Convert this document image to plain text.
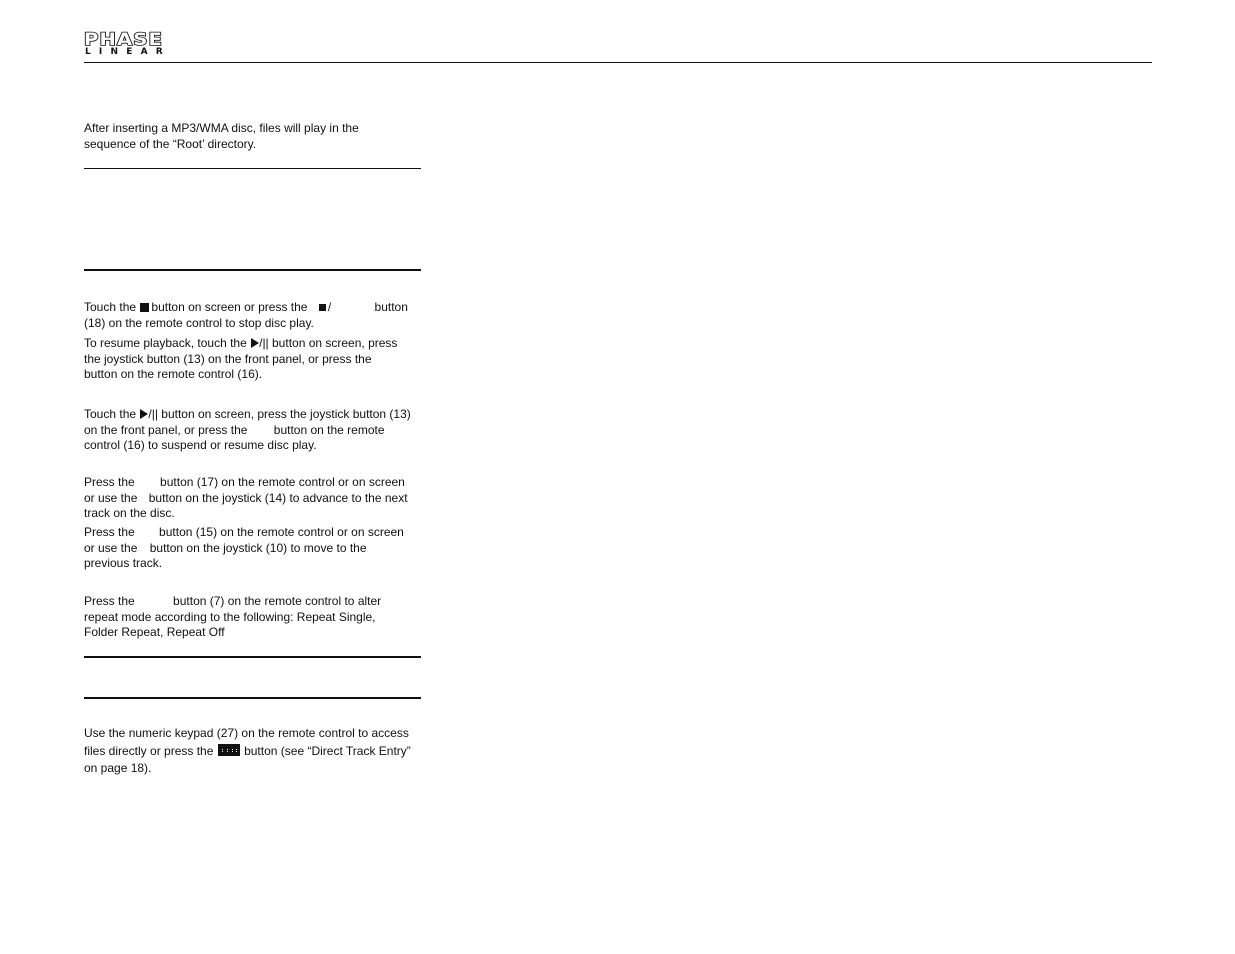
PHASE
LINEAR
After inserting a MP3/WMA disc, files will play in the
sequence of the “Root’ directory.
Touch the button on screen or press the /	button
(18) on the remote control to stop disc play.
To resume playback, touch the /|| button on screen, press
the joystick button (13) on the front panel, or press the
button on the remote control (16).
Touch the /|| button on screen, press the joystick button (13)
on the front panel, or press the button on the remote
control (16) to suspend or resume disc play.
Press the button (17) on the remote control or on screen
or use the button on the joystick (14) to advance to the next
track on the disc.
Press the button (15) on the remote control or on screen
or use the button on the joystick (10) to move to the
previous track.
Press the	button (7) on the remote control to alter
repeat mode according to the following: Repeat Single,
Folder Repeat, Repeat Off
Use the numeric keypad (27) on the remote control to access
files directly or press the	button (see “Direct Track Entry”
on page 18).
